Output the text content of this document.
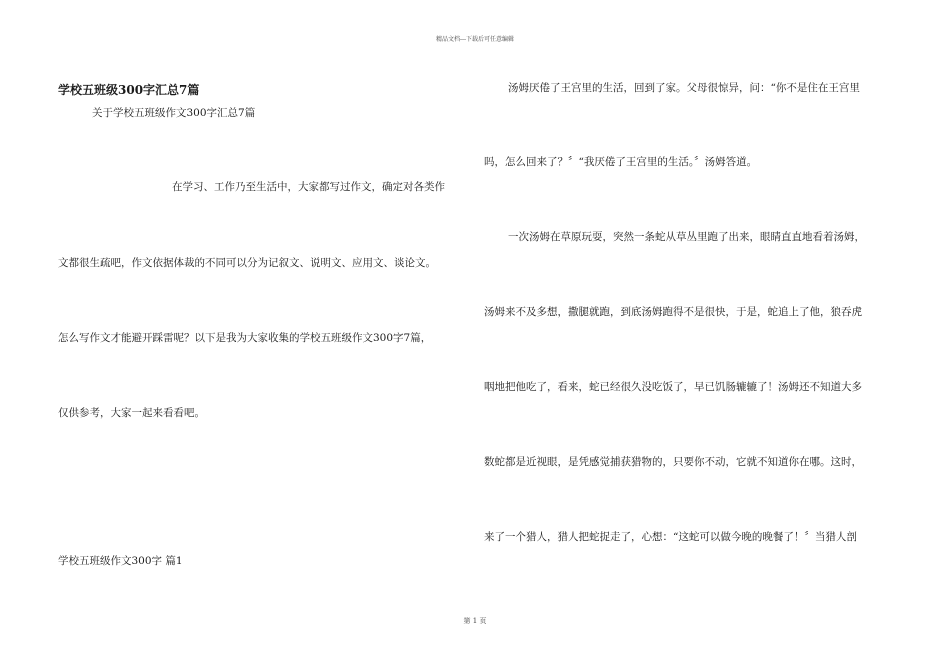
精品文档---下载后可任意编辑
学校五班级300字汇总7篇
关于学校五班级作文300字汇总7篇
在学习、工作乃至生活中，大家都写过作文，确定对各类作
文都很生疏吧，作文依据体裁的不同可以分为记叙文、说明文、应用文、谈论文。
怎么写作文才能避开踩雷呢？以下是我为大家收集的学校五班级作文300字7篇，
仅供参考，大家一起来看看吧。
学校五班级作文300字 篇1
汤姆厌倦了王宫里的生活，回到了家。父母很惊异，问：“你不是住在王宫里
吗，怎么回来了？〞“我厌倦了王宫里的生活。〞汤姆答道。
一次汤姆在草原玩耍，突然一条蛇从草丛里跑了出来，眼睛直直地看着汤姆，
汤姆来不及多想，撒腿就跑，到底汤姆跑得不是很快，于是，蛇追上了他，狼吞虎
咽地把他吃了，看来，蛇已经很久没吃饭了，早已饥肠辘辘了！汤姆还不知道大多
数蛇都是近视眼，是凭感觉捕获猎物的，只要你不动，它就不知道你在哪。这时，
来了一个猎人，猎人把蛇捉走了，心想：“这蛇可以做今晚的晚餐了！〞当猎人剖
第 1 页
